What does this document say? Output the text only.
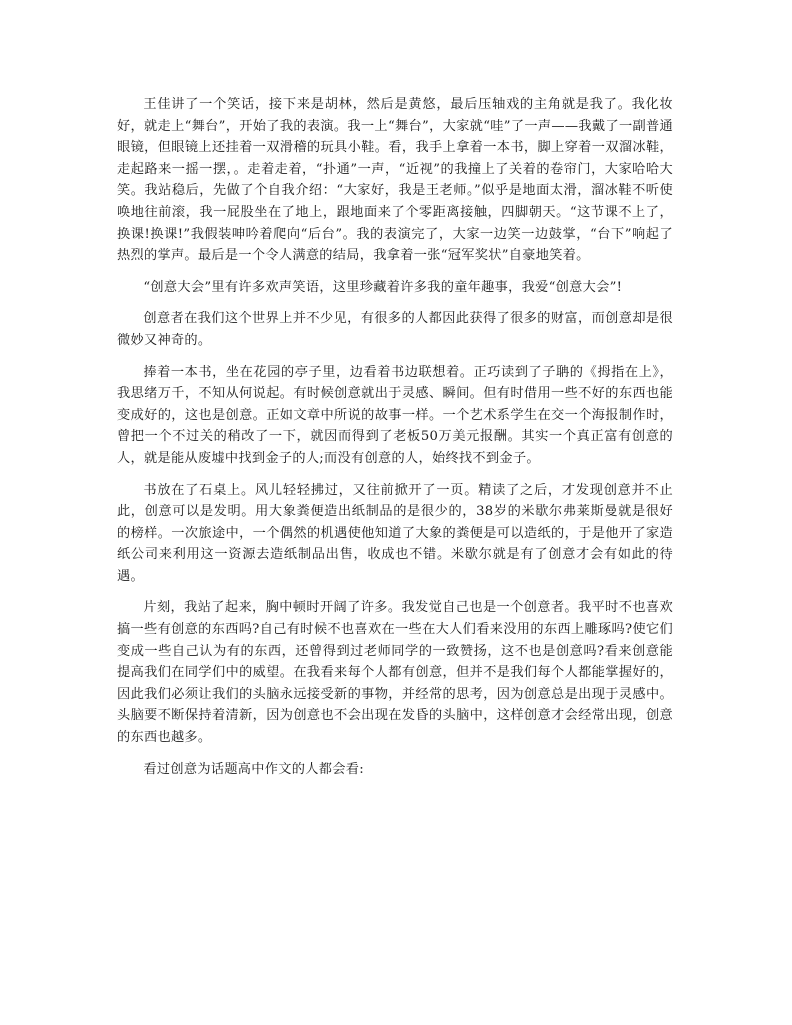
王佳讲了一个笑话，接下来是胡林，然后是黄悠，最后压轴戏的主角就是我了。我化妆好，就走上“舞台”，开始了我的表演。我一上“舞台”，大家就“哇”了一声——我戴了一副普通眼镜，但眼镜上还挂着一双滑稽的玩具小鞋。看，我手上拿着一本书，脚上穿着一双溜冰鞋，走起路来一摇一摆，。走着走着，“扑通”一声，“近视”的我撞上了关着的卷帘门，大家哈哈大笑。我站稳后，先做了个自我介绍：“大家好，我是王老师。”似乎是地面太滑，溜冰鞋不听使唤地往前滚，我一屁股坐在了地上，跟地面来了个零距离接触，四脚朝天。“这节课不上了，换课!换课!”我假装呻吟着爬向“后台”。我的表演完了，大家一边笑一边鼓掌，“台下”响起了热烈的掌声。最后是一个令人满意的结局，我拿着一张“冠军奖状”自豪地笑着。

“创意大会”里有许多欢声笑语，这里珍藏着许多我的童年趣事，我爱“创意大会”!

创意者在我们这个世界上并不少见，有很多的人都因此获得了很多的财富，而创意却是很微妙又神奇的。

捧着一本书，坐在花园的亭子里，边看着书边联想着。正巧读到了子聃的《拇指在上》，我思绪万千，不知从何说起。有时候创意就出于灵感、瞬间。但有时借用一些不好的东西也能变成好的，这也是创意。正如文章中所说的故事一样。一个艺术系学生在交一个海报制作时，曾把一个不过关的稍改了一下，就因而得到了老板50万美元报酬。其实一个真正富有创意的人，就是能从废墟中找到金子的人;而没有创意的人，始终找不到金子。

书放在了石桌上。风儿轻轻拂过，又往前掀开了一页。精读了之后，才发现创意并不止此，创意可以是发明。用大象粪便造出纸制品的是很少的，38岁的米歇尔弗莱斯曼就是很好的榜样。一次旅途中，一个偶然的机遇使他知道了大象的粪便是可以造纸的，于是他开了家造纸公司来利用这一资源去造纸制品出售，收成也不错。米歇尔就是有了创意才会有如此的待遇。

片刻，我站了起来，胸中顿时开阔了许多。我发觉自己也是一个创意者。我平时不也喜欢搞一些有创意的东西吗?自己有时候不也喜欢在一些在大人们看来没用的东西上雕琢吗?使它们变成一些自己认为有的东西，还曾得到过老师同学的一致赞扬，这不也是创意吗?看来创意能提高我们在同学们中的威望。在我看来每个人都有创意，但并不是我们每个人都能掌握好的，因此我们必须让我们的头脑永远接受新的事物，并经常的思考，因为创意总是出现于灵感中。头脑要不断保持着清新，因为创意也不会出现在发昏的头脑中，这样创意才会经常出现，创意的东西也越多。

看过创意为话题高中作文的人都会看:
